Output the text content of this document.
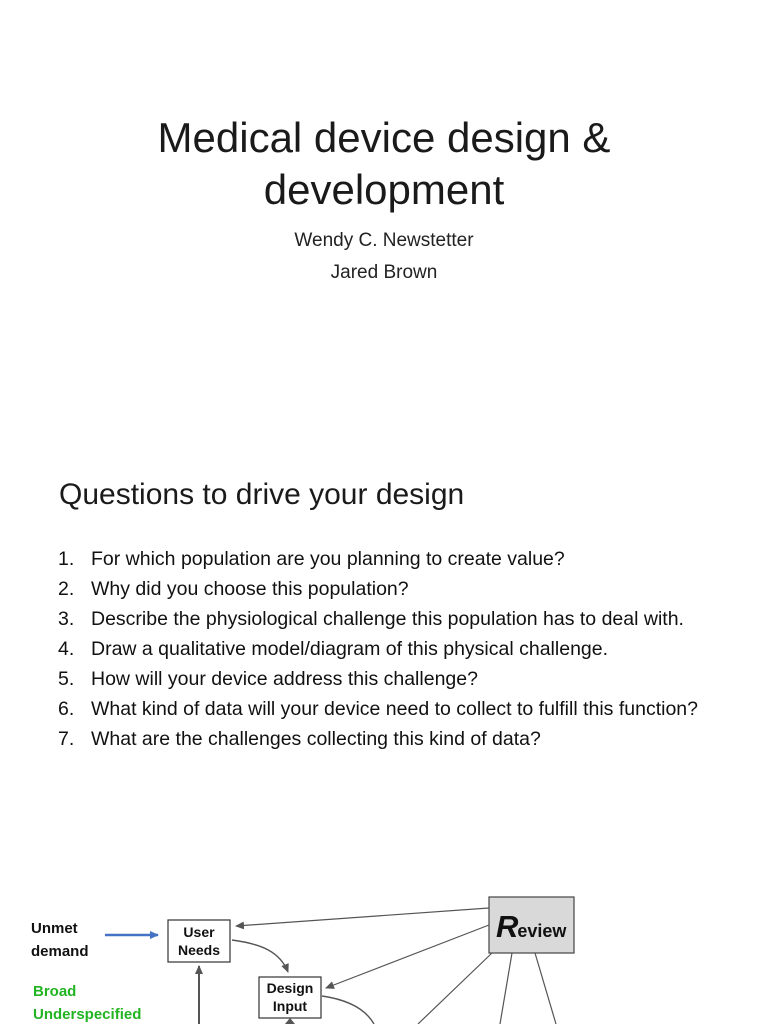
Medical device design &
development

Wendy C. Newstetter

Jared Brown

Questions to drive your design
1. For which population are you planning to create value?
2. Why did you choose this population?
3. Describe the physiological challenge this population has to deal with.
4. Draw a qualitative model/diagram of this physical challenge.
5. How will your device address this challenge?
6. What kind of data will your device need to collect to fulfill this function?
7. What are the challenges collecting this kind of data?
Unmet
demand
Broad
Underspecified
User
Needs
Design
Input
Review
